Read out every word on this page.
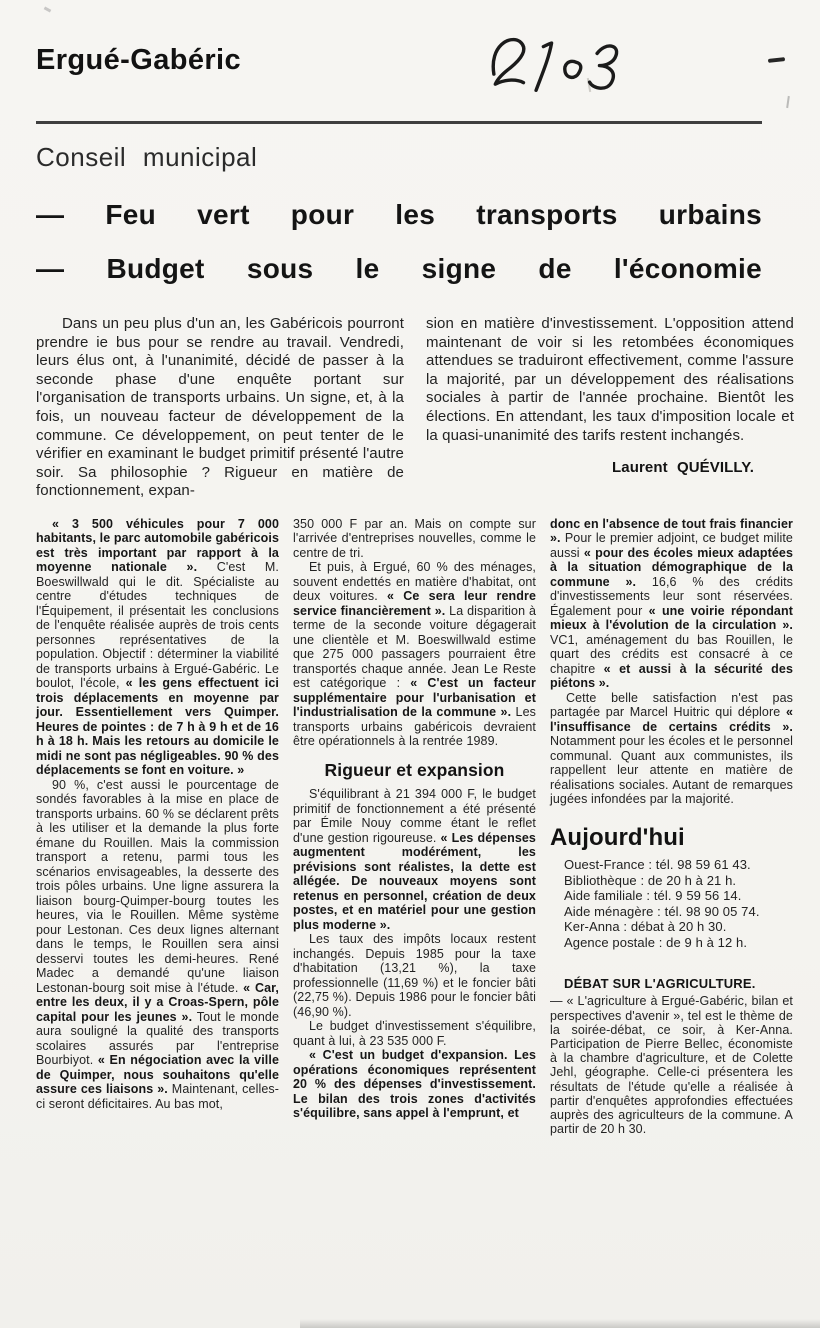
Ergué-Gabéric
Conseil municipal
— Feu vert pour les transports urbains
— Budget sous le signe de l'économie

Dans un peu plus d'un an, les Gabéricois pourront prendre ie bus pour se rendre au travail. Vendredi, leurs élus ont, à l'unanimité, décidé de passer à la seconde phase d'une enquête portant sur l'organisation de transports urbains. Un signe, et, à la fois, un nouveau facteur de développement de la commune. Ce développement, on peut tenter de le vérifier en examinant le budget primitif présenté l'autre soir. Sa philosophie ? Rigueur en matière de fonctionnement, expan-

sion en matière d'investissement. L'opposition attend maintenant de voir si les retombées économiques attendues se traduiront effectivement, comme l'assure la majorité, par un développement des réalisations sociales à partir de l'année prochaine. Bientôt les élections. En attendant, les taux d'imposition locale et la quasi-unanimité des tarifs restent inchangés.

Laurent QUÉVILLY.

« 3 500 véhicules pour 7 000 habitants, le parc automobile gabéricois est très important par rapport à la moyenne nationale ». C'est M. Boeswillwald qui le dit. Spécialiste au centre d'études techniques de l'Équipement, il présentait les conclusions de l'enquête réalisée auprès de trois cents personnes représentatives de la population. Objectif : déterminer la viabilité de transports urbains à Ergué-Gabéric. Le boulot, l'école, « les gens effectuent ici trois déplacements en moyenne par jour. Essentiellement vers Quimper. Heures de pointes : de 7 h à 9 h et de 16 h à 18 h. Mais les retours au domicile le midi ne sont pas négligeables. 90 % des déplacements se font en voiture. »

90 %, c'est aussi le pourcentage de sondés favorables à la mise en place de transports urbains. 60 % se déclarent prêts à les utiliser et la demande la plus forte émane du Rouillen. Mais la commission transport a retenu, parmi tous les scénarios envisageables, la desserte des trois pôles urbains. Une ligne assurera la liaison bourg-Quimper-bourg toutes les heures, via le Rouillen. Même système pour Lestonan. Ces deux lignes alternant dans le temps, le Rouillen sera ainsi desservi toutes les demi-heures. René Madec a demandé qu'une liaison Lestonan-bourg soit mise à l'étude. « Car, entre les deux, il y a Croas-Spern, pôle capital pour les jeunes ». Tout le monde aura souligné la qualité des transports scolaires assurés par l'entreprise Bourbiyot. « En négociation avec la ville de Quimper, nous souhaitons qu'elle assure ces liaisons ». Maintenant, celles-ci seront déficitaires. Au bas mot,

350 000 F par an. Mais on compte sur l'arrivée d'entreprises nouvelles, comme le centre de tri.

Et puis, à Ergué, 60 % des ménages, souvent endettés en matière d'habitat, ont deux voitures. « Ce sera leur rendre service financièrement ». La disparition à terme de la seconde voiture dégagerait une clientèle et M. Boeswillwald estime que 275 000 passagers pourraient être transportés chaque année. Jean Le Reste est catégorique : « C'est un facteur supplémentaire pour l'urbanisation et l'industrialisation de la commune ». Les transports urbains gabéricois devraient être opérationnels à la rentrée 1989.

Rigueur et expansion

S'équilibrant à 21 394 000 F, le budget primitif de fonctionnement a été présenté par Émile Nouy comme étant le reflet d'une gestion rigoureuse. « Les dépenses augmentent modérément, les prévisions sont réalistes, la dette est allégée. De nouveaux moyens sont retenus en personnel, création de deux postes, et en matériel pour une gestion plus moderne ».

Les taux des impôts locaux restent inchangés. Depuis 1985 pour la taxe d'habitation (13,21 %), la taxe professionnelle (11,69 %) et le foncier bâti (22,75 %). Depuis 1986 pour le foncier bâti (46,90 %).

Le budget d'investissement s'équilibre, quant à lui, à 23 535 000 F.

« C'est un budget d'expansion. Les opérations économiques représentent 20 % des dépenses d'investissement. Le bilan des trois zones d'activités s'équilibre, sans appel à l'emprunt, et

donc en l'absence de tout frais financier ». Pour le premier adjoint, ce budget milite aussi « pour des écoles mieux adaptées à la situation démographique de la commune ». 16,6 % des crédits d'investissements leur sont réservées. Également pour « une voirie répondant mieux à l'évolution de la circulation ». VC1, aménagement du bas Rouillen, le quart des crédits est consacré à ce chapitre « et aussi à la sécurité des piétons ».

Cette belle satisfaction n'est pas partagée par Marcel Huitric qui déplore « l'insuffisance de certains crédits ». Notamment pour les écoles et le personnel communal. Quant aux communistes, ils rappellent leur attente en matière de réalisations sociales. Autant de remarques jugées infondées par la majorité.

Aujourd'hui
Ouest-France : tél. 98 59 61 43.
Bibliothèque : de 20 h à 21 h.
Aide familiale : tél. 9 59 56 14.
Aide ménagère : tél. 98 90 05 74.
Ker-Anna : débat à 20 h 30.
Agence postale : de 9 h à 12 h.
DÉBAT SUR L'AGRICULTURE.
— « L'agriculture à Ergué-Gabéric, bilan et perspectives d'avenir », tel est le thème de la soirée-débat, ce soir, à Ker-Anna. Participation de Pierre Bellec, économiste à la chambre d'agriculture, et de Colette Jehl, géographe. Celle-ci présentera les résultats de l'étude qu'elle a réalisée à partir d'enquêtes approfondies effectuées auprès des agriculteurs de la commune. A partir de 20 h 30.
